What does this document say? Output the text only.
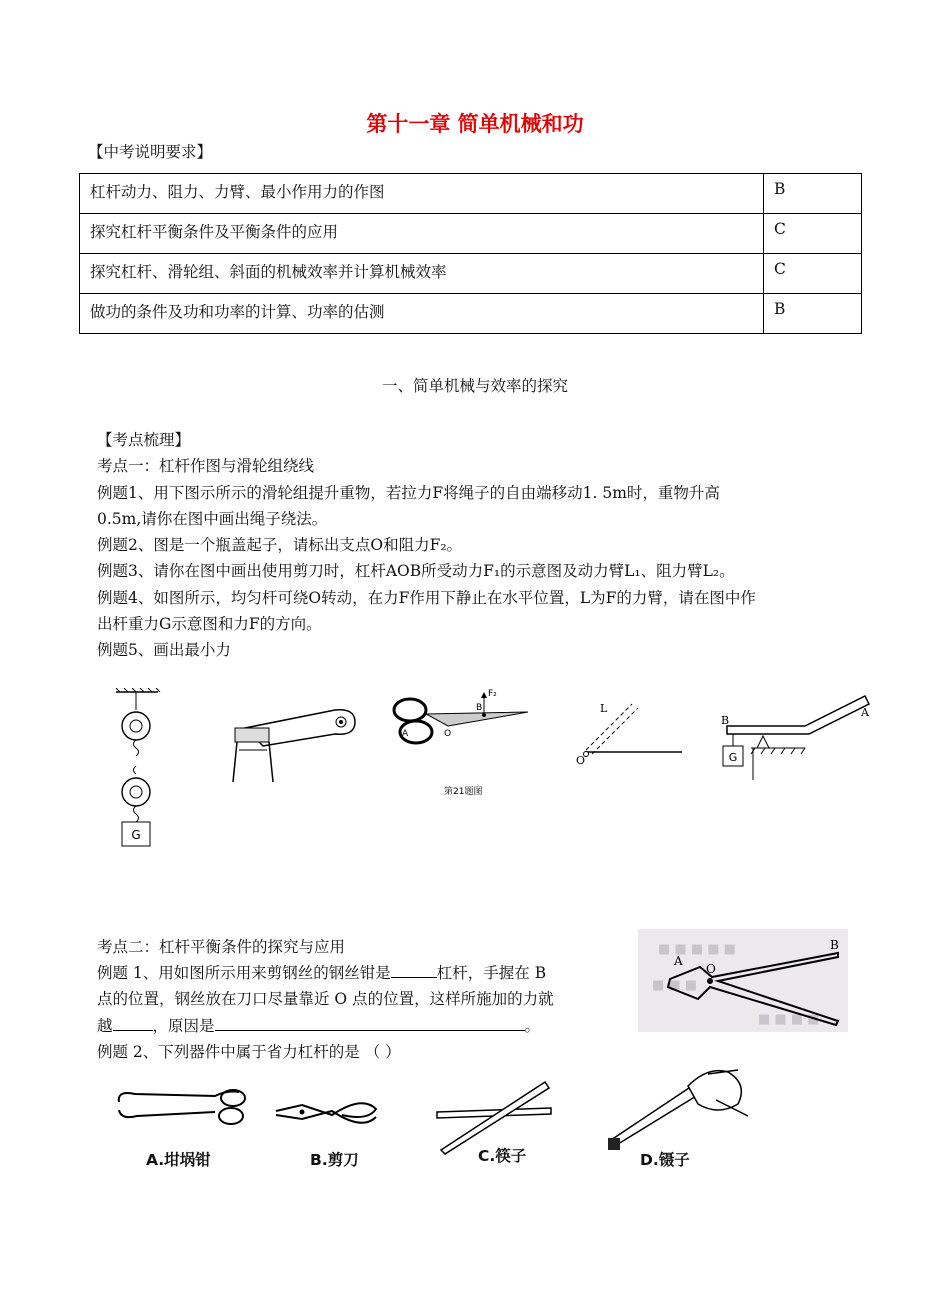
第十一章 简单机械和功
【中考说明要求】
杠杆动力、阻力、力臂、最小作用力的作图	B
探究杠杆平衡条件及平衡条件的应用	C
探究杠杆、滑轮组、斜面的机械效率并计算机械效率	C
做功的条件及功和功率的计算、功率的估测	B
一、简单机械与效率的探究
【考点梳理】
考点一：杠杆作图与滑轮组绕线
例题1、用下图示所示的滑轮组提升重物，若拉力F将绳子的自由端移动1. 5m时，重物升高
0.5m,请你在图中画出绳子绕法。
例题2、图是一个瓶盖起子，请标出支点O和阻力F₂。
例题3、请你在图中画出使用剪刀时，杠杆AOB所受动力F₁的示意图及动力臂L₁、阻力臂L₂。
例题4、如图所示，均匀杆可绕O转动，在力F作用下静止在水平位置，L为F的力臂，请在图中作
出杆重力G示意图和力F的方向。
例题5、画出最小力
G
A	O
B
F₂
第21题图
L
O	G
B
A
考点二：杠杆平衡条件的探究与应用
例题 1、用如图所示用来剪钢丝的钢丝钳是	杠杆，手握在 B
点的位置，钢丝放在刀口尽量靠近 O 点的位置，这样所施加的力就
越	，原因是	。
例题 2、下列器件中属于省力杠杆的是 （ ）
■ ■ ■ ■ ■
■ ■ ■
■ ■ ■ ■
A
O
B
A.坩埚钳	B.剪刀	C.筷子	D.镊子
